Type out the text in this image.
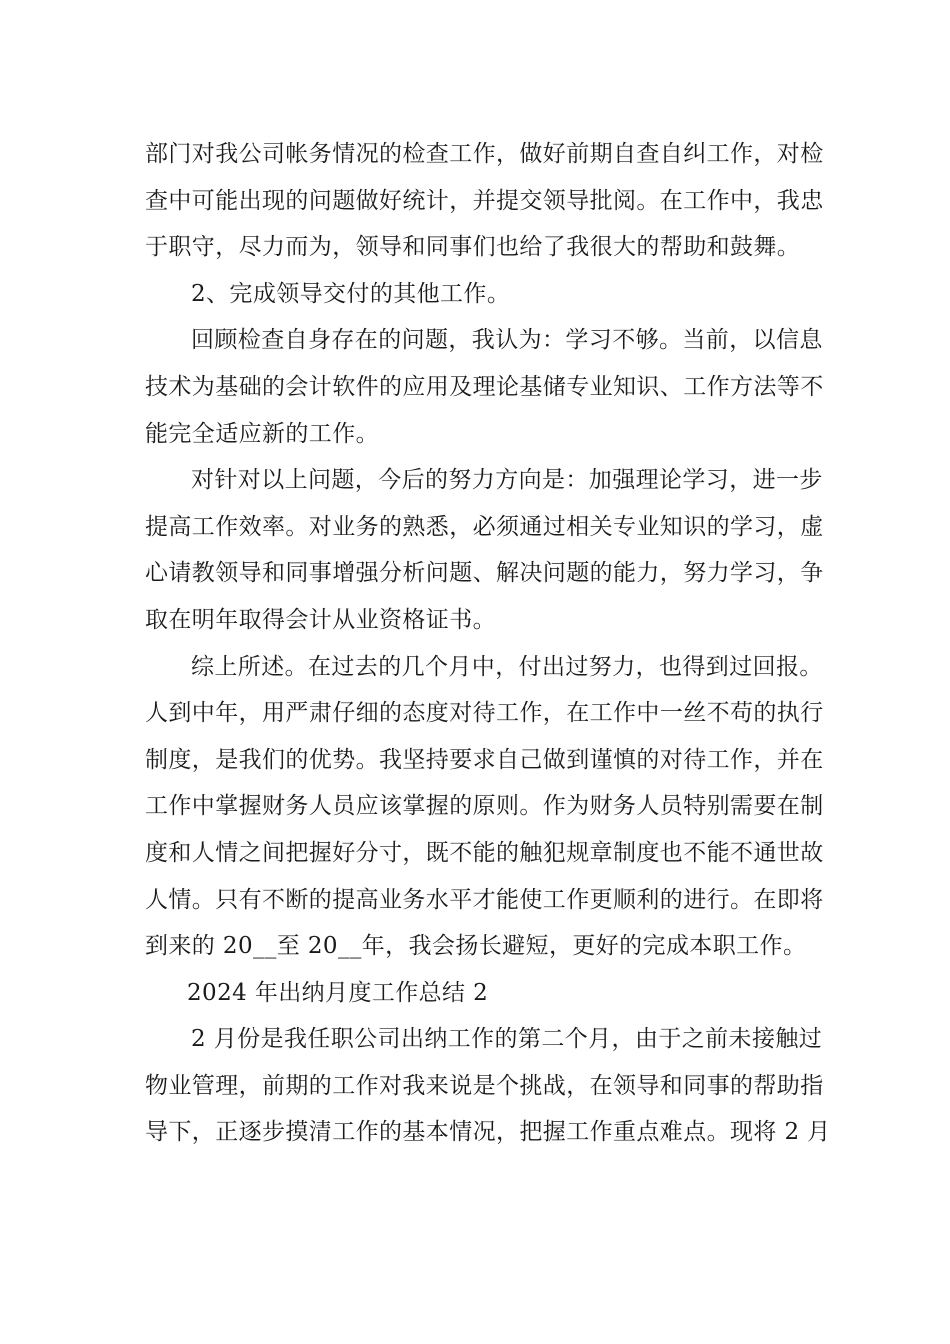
部门对我公司帐务情况的检查工作，做好前期自查自纠工作，对检
查中可能出现的问题做好统计，并提交领导批阅。在工作中，我忠
于职守，尽力而为，领导和同事们也给了我很大的帮助和鼓舞。
2、完成领导交付的其他工作。
回顾检查自身存在的问题，我认为：学习不够。当前，以信息
技术为基础的会计软件的应用及理论基储专业知识、工作方法等不
能完全适应新的工作。
对针对以上问题，今后的努力方向是：加强理论学习，进一步
提高工作效率。对业务的熟悉，必须通过相关专业知识的学习，虚
心请教领导和同事增强分析问题、解决问题的能力，努力学习，争
取在明年取得会计从业资格证书。
综上所述。在过去的几个月中，付出过努力，也得到过回报。
人到中年，用严肃仔细的态度对待工作，在工作中一丝不苟的执行
制度，是我们的优势。我坚持要求自己做到谨慎的对待工作，并在
工作中掌握财务人员应该掌握的原则。作为财务人员特别需要在制
度和人情之间把握好分寸，既不能的触犯规章制度也不能不通世故
人情。只有不断的提高业务水平才能使工作更顺利的进行。在即将
到来的 20__至 20__年，我会扬长避短，更好的完成本职工作。
2024 年出纳月度工作总结 2
2 月份是我任职公司出纳工作的第二个月，由于之前未接触过
物业管理，前期的工作对我来说是个挑战，在领导和同事的帮助指
导下，正逐步摸清工作的基本情况，把握工作重点难点。现将 2 月
